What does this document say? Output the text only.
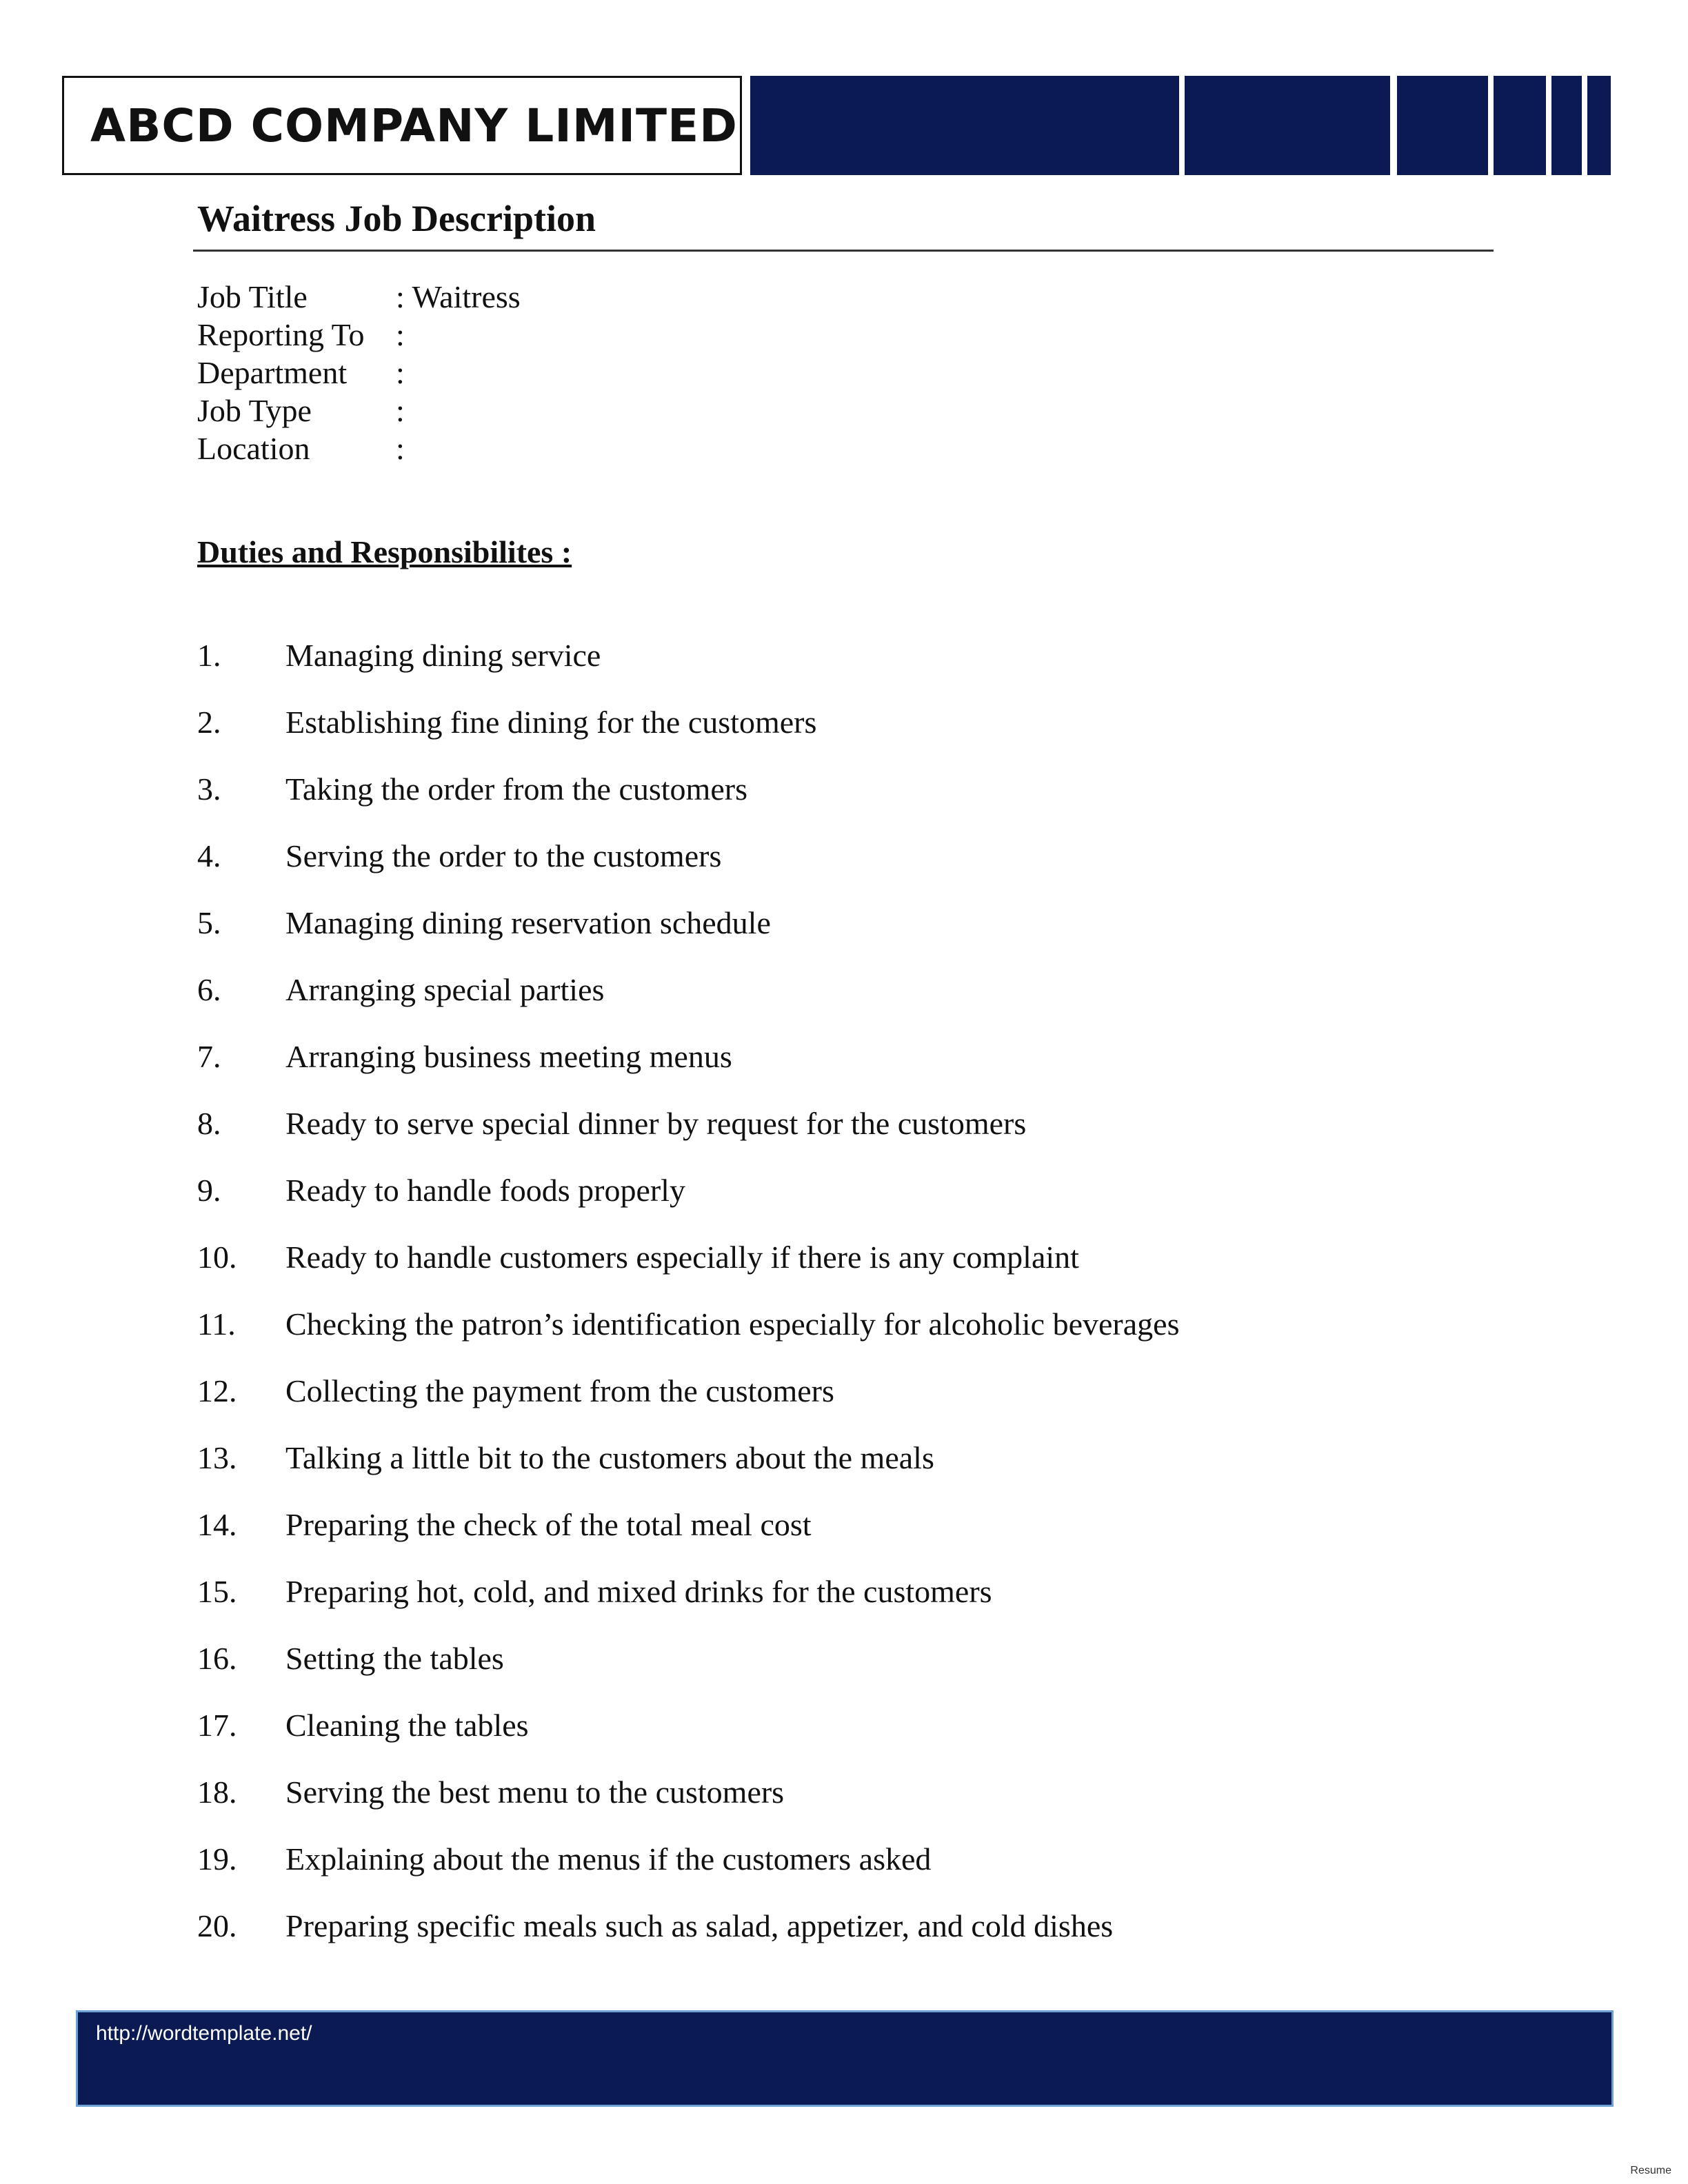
ABCD COMPANY LIMITED
Waitress Job Description
Job Title	: Waitress
Reporting To :
Department	:
Job Type	:
Location	:
Duties and Responsibilites :
1.	Managing dining service
2.	Establishing fine dining for the customers
3.	Taking the order from the customers
4.	Serving the order to the customers
5.	Managing dining reservation schedule
6.	Arranging special parties
7.	Arranging business meeting menus
8.	Ready to serve special dinner by request for the customers
9.	Ready to handle foods properly
10.	Ready to handle customers especially if there is any complaint
11.	Checking the patron’s identification especially for alcoholic beverages
12.	Collecting the payment from the customers
13.	Talking a little bit to the customers about the meals
14.	Preparing the check of the total meal cost
15.	Preparing hot, cold, and mixed drinks for the customers
16.	Setting the tables
17.	Cleaning the tables
18.	Serving the best menu to the customers
19.	Explaining about the menus if the customers asked
20.	Preparing specific meals such as salad, appetizer, and cold dishes
http://wordtemplate.net/
Resume
